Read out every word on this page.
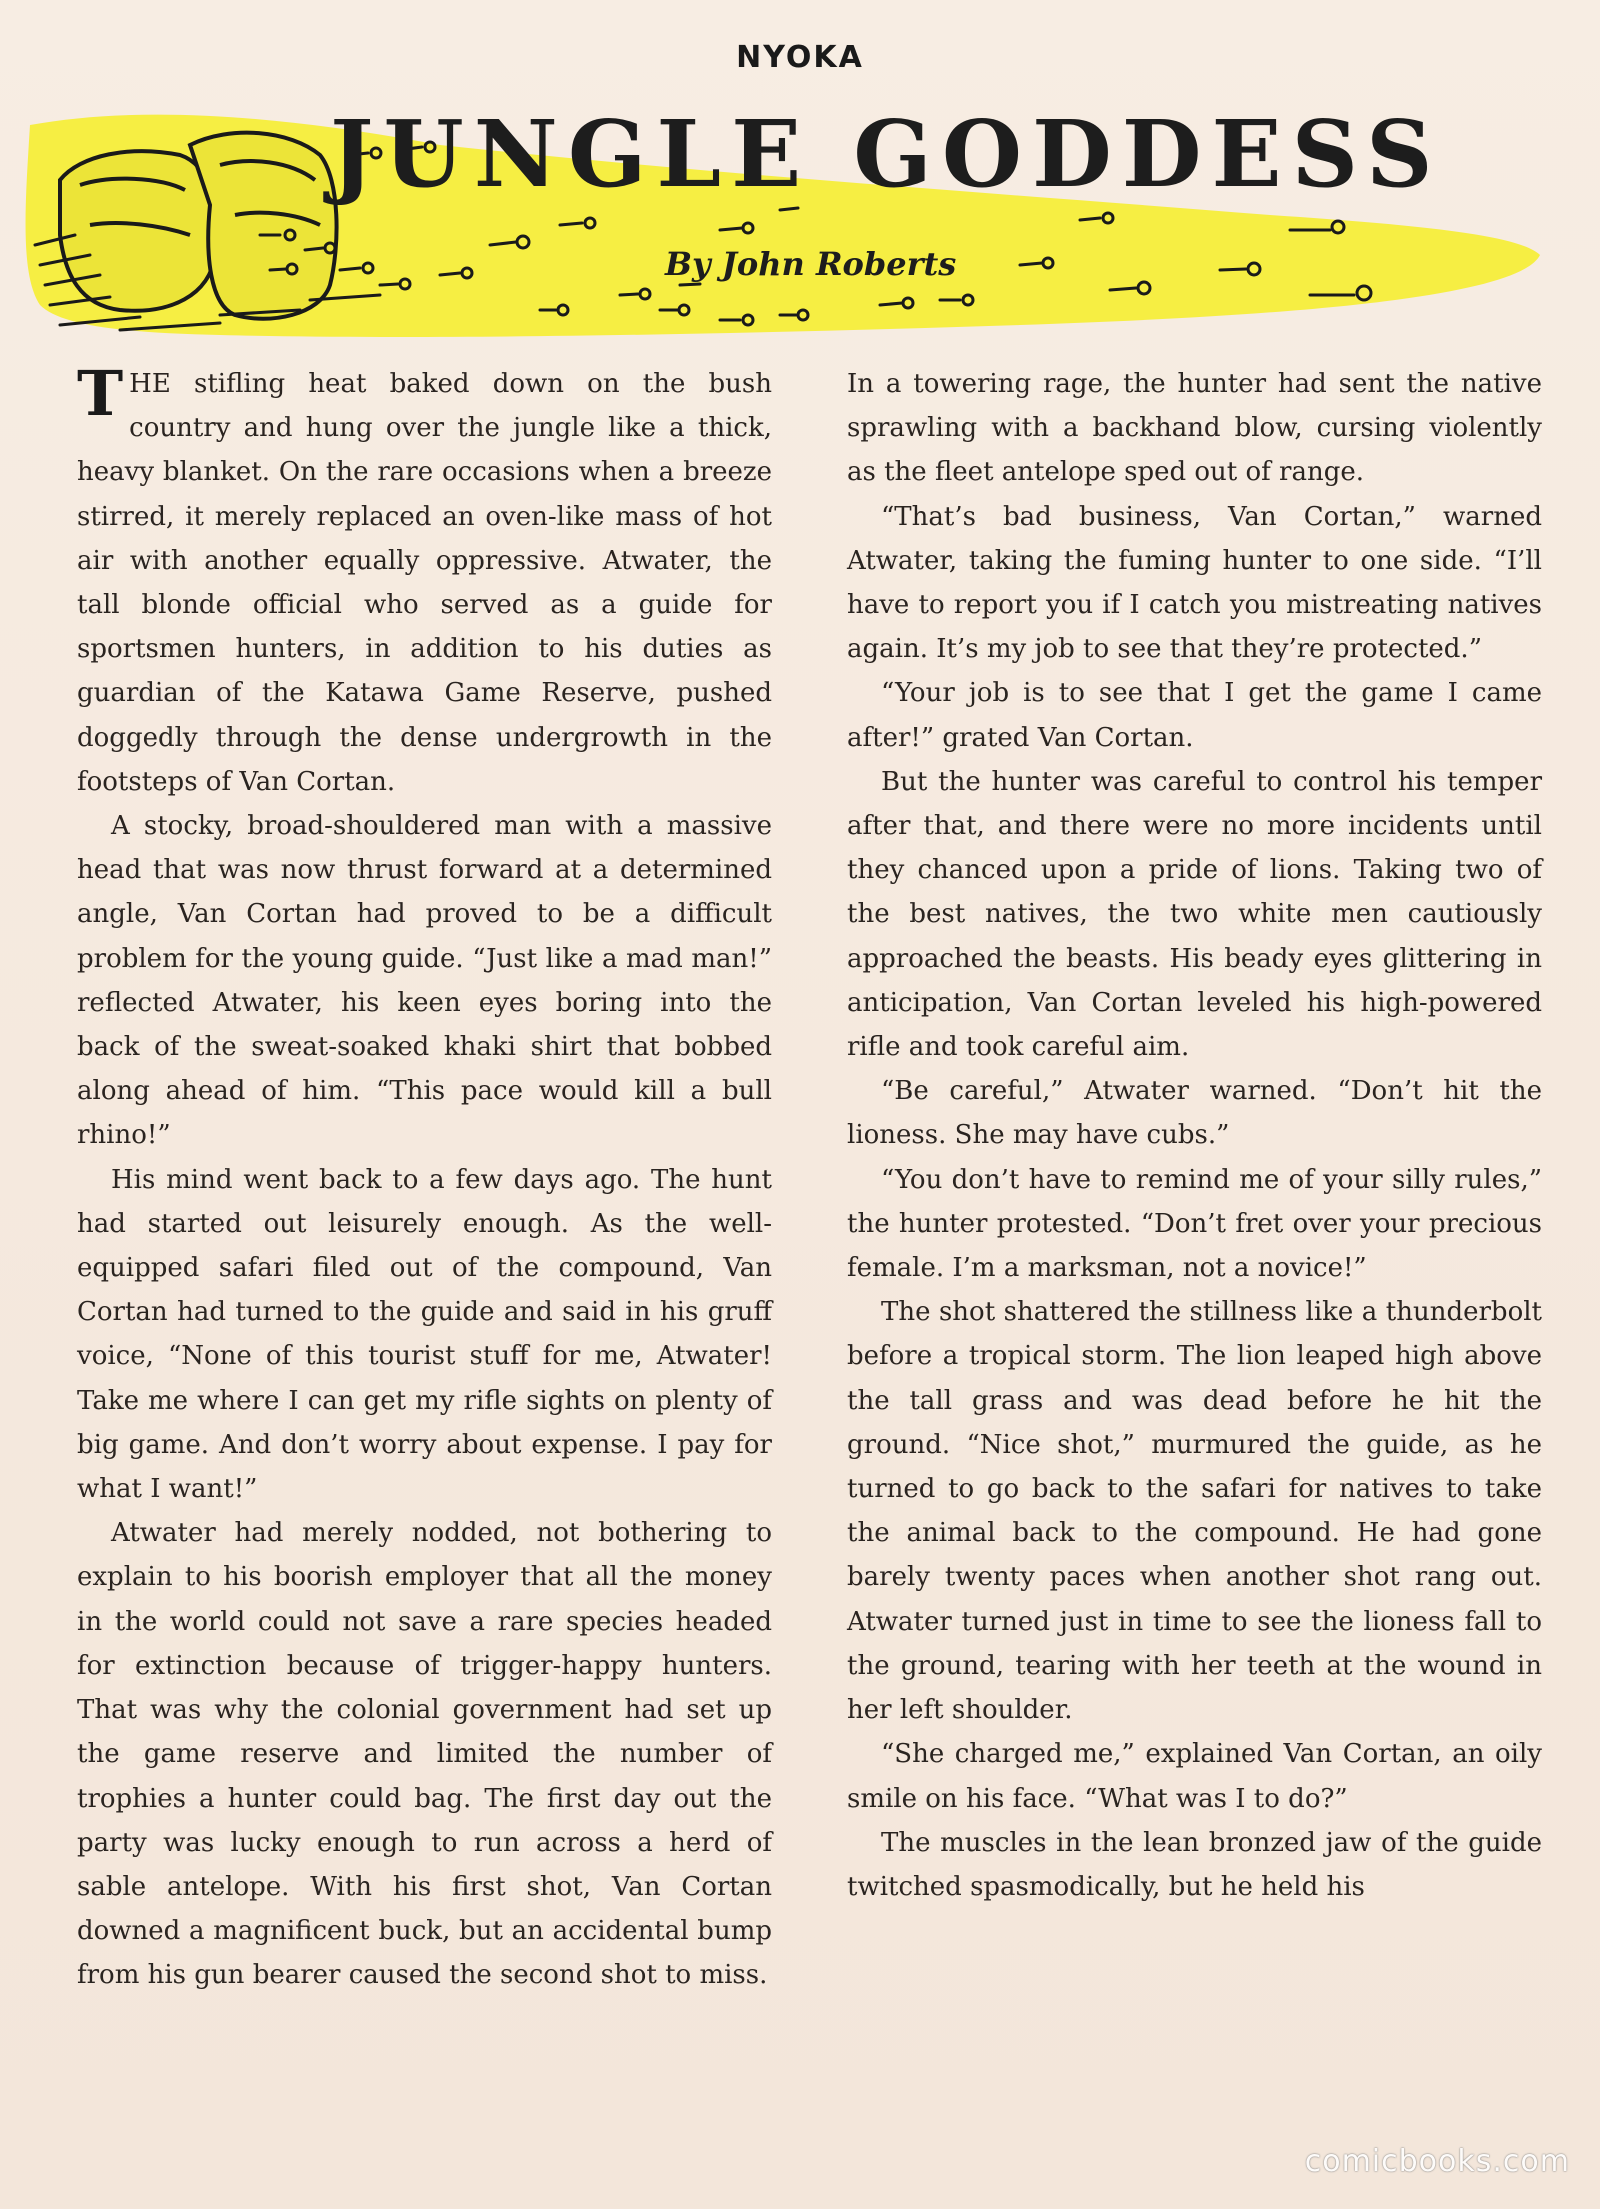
NYOKA
JUNGLE GODDESS
By John Roberts

THE stifling heat baked down on the bush country and hung over the jungle like a thick, heavy blanket. On the rare occasions when a breeze stirred, it merely replaced an oven-like mass of hot air with another equally oppressive. Atwater, the tall blonde official who served as a guide for sportsmen hunters, in addition to his duties as guardian of the Katawa Game Reserve, pushed doggedly through the dense undergrowth in the footsteps of Van Cortan.

A stocky, broad-shouldered man with a massive head that was now thrust forward at a determined angle, Van Cortan had proved to be a difficult problem for the young guide. “Just like a mad man!” reflected Atwater, his keen eyes boring into the back of the sweat-soaked khaki shirt that bobbed along ahead of him. “This pace would kill a bull rhino!”

His mind went back to a few days ago. The hunt had started out leisurely enough. As the well-equipped safari filed out of the compound, Van Cortan had turned to the guide and said in his gruff voice, “None of this tourist stuff for me, Atwater! Take me where I can get my rifle sights on plenty of big game. And don’t worry about expense. I pay for what I want!”

Atwater had merely nodded, not bothering to explain to his boorish employer that all the money in the world could not save a rare species headed for extinction because of trigger-happy hunters. That was why the colonial government had set up the game reserve and limited the number of trophies a hunter could bag. The first day out the party was lucky enough to run across a herd of sable antelope. With his first shot, Van Cortan downed a magnificent buck, but an accidental bump from his gun bearer caused the second shot to miss.

In a towering rage, the hunter had sent the native sprawling with a backhand blow, cursing violently as the fleet antelope sped out of range.

“That’s bad business, Van Cortan,” warned Atwater, taking the fuming hunter to one side. “I’ll have to report you if I catch you mistreating natives again. It’s my job to see that they’re protected.”

“Your job is to see that I get the game I came after!” grated Van Cortan.

But the hunter was careful to control his temper after that, and there were no more incidents until they chanced upon a pride of lions. Taking two of the best natives, the two white men cautiously approached the beasts. His beady eyes glittering in anticipation, Van Cortan leveled his high-powered rifle and took careful aim.

“Be careful,” Atwater warned. “Don’t hit the lioness. She may have cubs.”

“You don’t have to remind me of your silly rules,” the hunter protested. “Don’t fret over your precious female. I’m a marksman, not a novice!”

The shot shattered the stillness like a thunderbolt before a tropical storm. The lion leaped high above the tall grass and was dead before he hit the ground. “Nice shot,” murmured the guide, as he turned to go back to the safari for natives to take the animal back to the compound. He had gone barely twenty paces when another shot rang out. Atwater turned just in time to see the lioness fall to the ground, tearing with her teeth at the wound in her left shoulder.

“She charged me,” explained Van Cortan, an oily smile on his face. “What was I to do?”

The muscles in the lean bronzed jaw of the guide twitched spasmodically, but he held his

comicbooks.com
